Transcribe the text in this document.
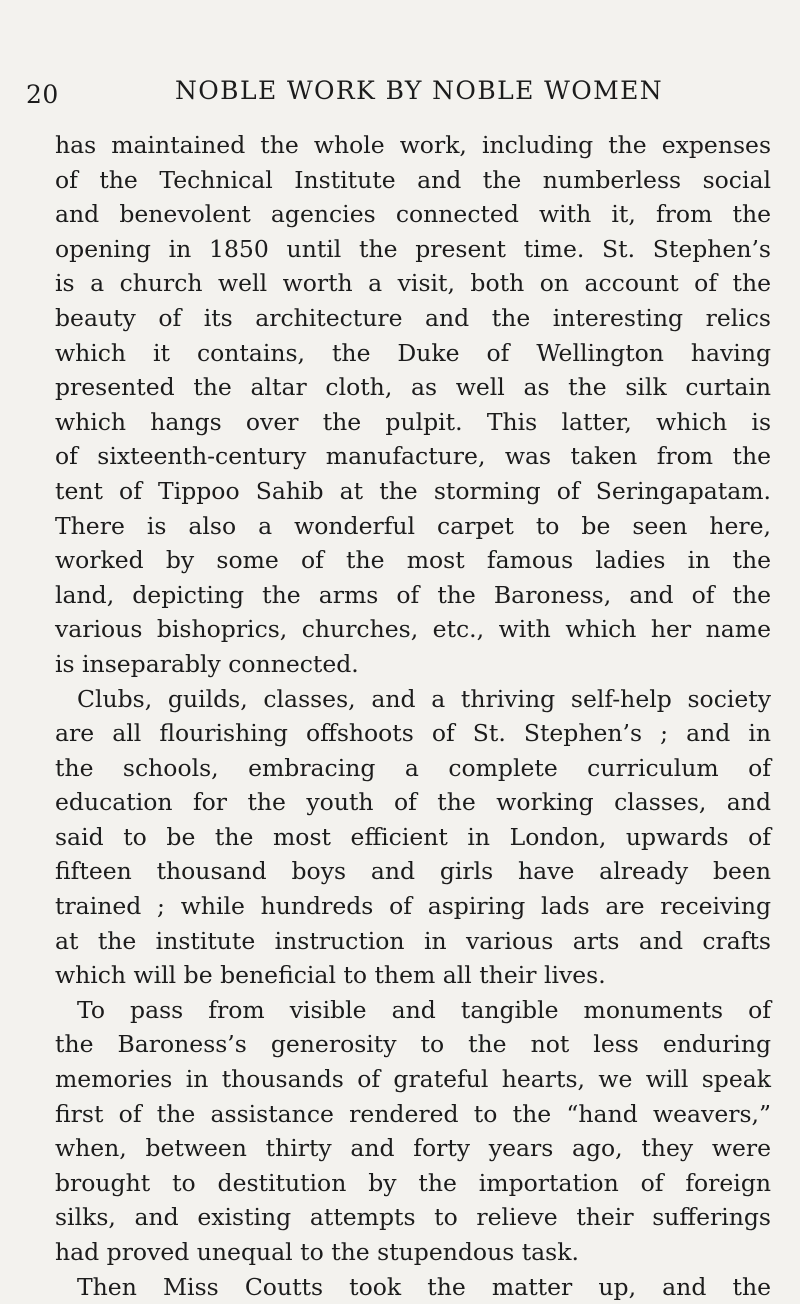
20	NOBLE WORK BY NOBLE WOMEN
has maintained the whole work, including the expenses
of the Technical Institute and the numberless social
and benevolent agencies connected with it, from the
opening in 1850 until the present time. St. Stephen’s
is a church well worth a visit, both on account of the
beauty of its architecture and the interesting relics
which it contains, the Duke of Wellington having
presented the altar cloth, as well as the silk curtain
which hangs over the pulpit. This latter, which is
of sixteenth-century manufacture, was taken from the
tent of Tippoo Sahib at the storming of Seringapatam.
There is also a wonderful carpet to be seen here,
worked by some of the most famous ladies in the
land, depicting the arms of the Baroness, and of the
various bishoprics, churches, etc., with which her name
is inseparably connected.
Clubs, guilds, classes, and a thriving self-help society
are all flourishing offshoots of St. Stephen’s ; and in
the schools, embracing a complete curriculum of
education for the youth of the working classes, and
said to be the most efficient in London, upwards of
fifteen thousand boys and girls have already been
trained ; while hundreds of aspiring lads are receiving
at the institute instruction in various arts and crafts
which will be beneficial to them all their lives.
To pass from visible and tangible monuments of
the Baroness’s generosity to the not less enduring
memories in thousands of grateful hearts, we will speak
first of the assistance rendered to the “hand weavers,”
when, between thirty and forty years ago, they were
brought to destitution by the importation of foreign
silks, and existing attempts to relieve their sufferings
had proved unequal to the stupendous task.
Then Miss Coutts took the matter up, and the
